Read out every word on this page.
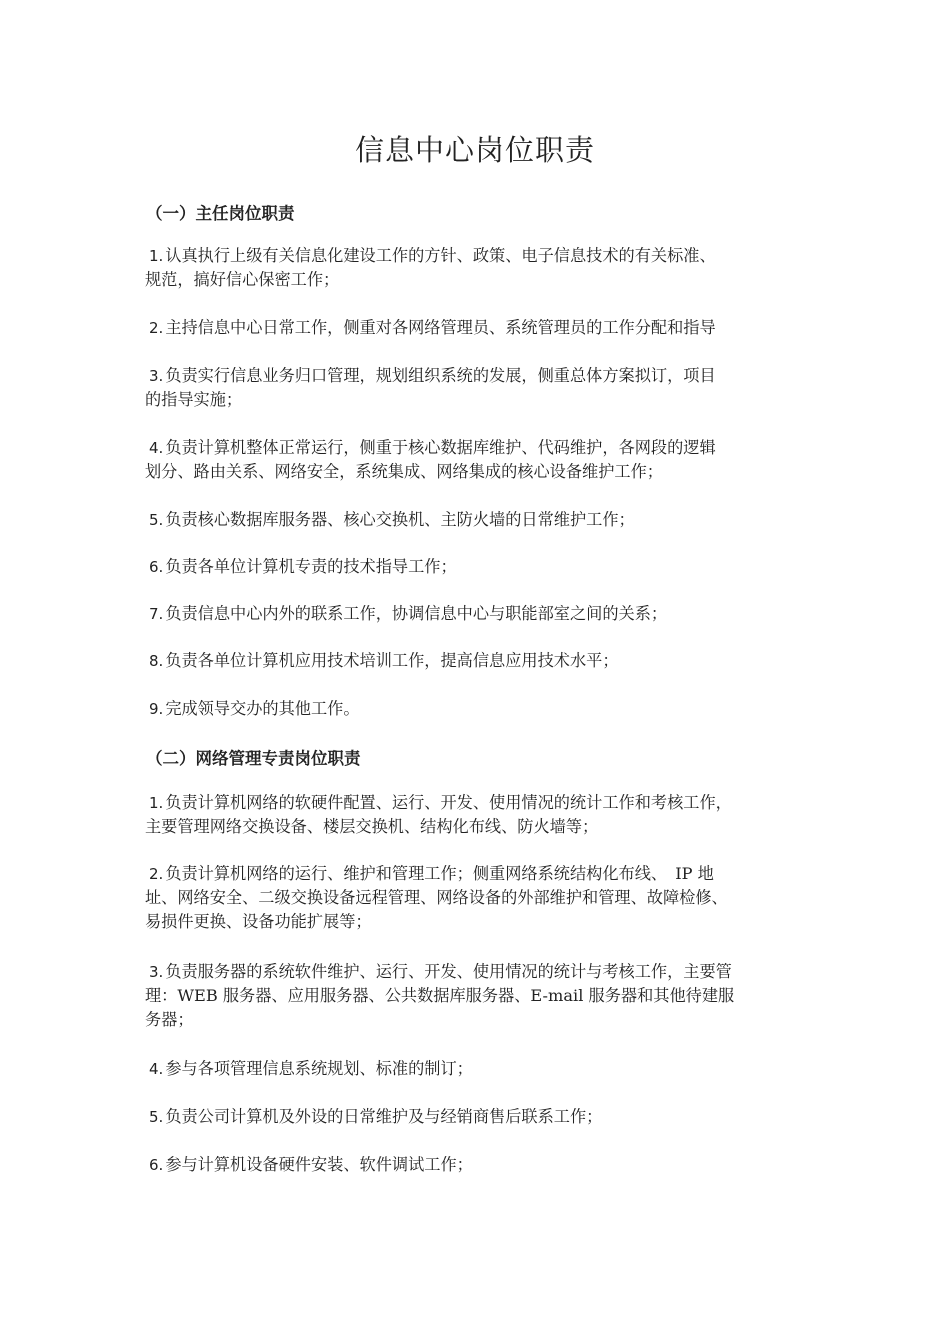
信息中心岗位职责
（一）主任岗位职责

1. 认真执行上级有关信息化建设工作的方针、政策、电子信息技术的有关标准、
规范，搞好信心保密工作；

2. 主持信息中心日常工作，侧重对各网络管理员、系统管理员的工作分配和指导

3. 负责实行信息业务归口管理，规划组织系统的发展，侧重总体方案拟订，项目
的指导实施；

4. 负责计算机整体正常运行，侧重于核心数据库维护、代码维护，各网段的逻辑
划分、路由关系、网络安全，系统集成、网络集成的核心设备维护工作；

5. 负责核心数据库服务器、核心交换机、主防火墙的日常维护工作；

6. 负责各单位计算机专责的技术指导工作；

7. 负责信息中心内外的联系工作，协调信息中心与职能部室之间的关系；

8. 负责各单位计算机应用技术培训工作，提高信息应用技术水平；

9. 完成领导交办的其他工作。

（二）网络管理专责岗位职责

1. 负责计算机网络的软硬件配置、运行、开发、使用情况的统计工作和考核工作，
主要管理网络交换设备、楼层交换机、结构化布线、防火墙等；

2. 负责计算机网络的运行、维护和管理工作；侧重网络系统结构化布线、　IP 地
址、网络安全、二级交换设备远程管理、网络设备的外部维护和管理、故障检修、
易损件更换、设备功能扩展等；

3. 负责服务器的系统软件维护、运行、开发、使用情况的统计与考核工作，主要管
理：WEB 服务器、应用服务器、公共数据库服务器、E-mail 服务器和其他待建服
务器；

4. 参与各项管理信息系统规划、标准的制订；

5. 负责公司计算机及外设的日常维护及与经销商售后联系工作；

6. 参与计算机设备硬件安装、软件调试工作；
